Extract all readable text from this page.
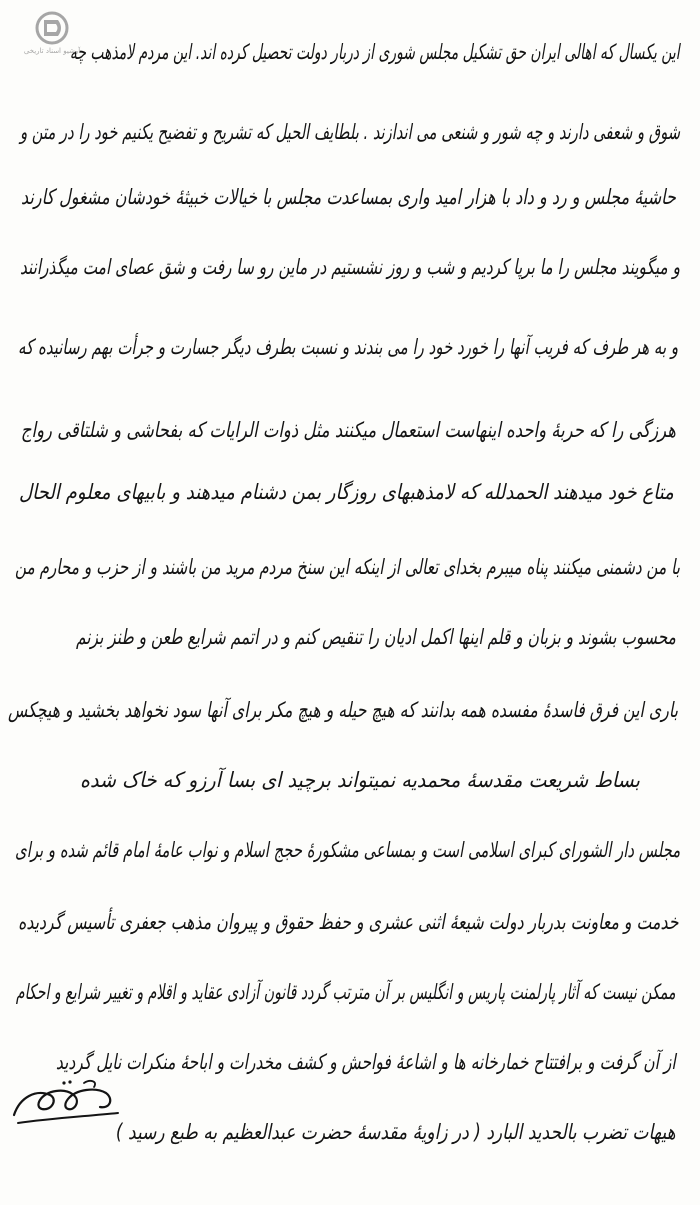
آرشیو اسناد تاریخی
این یکسال که اهالی ایران حق تشکیل مجلس شوری از دربار دولت تحصیل کرده اند. این مردم لامذهب چه
شوق و شعفی دارند و چه شور و شنعی می اندازند . بلطایف الحیل که تشریح و تفضیح یکنیم خود را در متن و
حاشیهٔ مجلس و رد و داد با هزار امید واری بمساعدت مجلس با خیالات خبیثهٔ خودشان مشغول کارند
و میگویند مجلس را ما برپا کردیم و شب و روز نشستیم در ماین رو سا رفت و شق عصای امت میگذرانند
و به هر طرف که فریب آنها را خورد خود را می بندند و نسبت بطرف دیگر جسارت و جرأت بهم رسانیده که
هرزگی را که حربهٔ واحده اینهاست استعمال میکنند مثل ذوات الرایات که بفحاشی و شلتاقی رواج
متاع خود میدهند الحمدلله که لامذهبهای روزگار بمن دشنام میدهند و بابیهای معلوم الحال
با من دشمنی میکنند پناه میبرم بخدای تعالی از اینکه این سنخ مردم مرید من باشند و از حزب و محارم من
محسوب بشوند و بزبان و قلم اینها اکمل ادیان را تنقیص کنم و در اتمم شرایع طعن و طنز بزنم
باری این فرق فاسدهٔ مفسده همه بدانند که هیچ حیله و هیچ مکر برای آنها سود نخواهد بخشید و هیچکس
بساط شریعت مقدسهٔ محمدیه نمیتواند برچید ای بسا آرزو که خاک شده
مجلس دار الشورای کبرای اسلامی است و بمساعی مشکورهٔ حجج اسلام و نواب عامهٔ امام قائم شده و برای
خدمت و معاونت بدربار دولت شیعهٔ اثنی عشری و حفظ حقوق و پیروان مذهب جعفری تأسیس گردیده
ممکن نیست که آثار پارلمنت پاریس و انگلیس بر آن مترتب گردد قانون آزادی عقاید و اقلام و تغییر شرایع و احکام
از آن گرفت و برافتتاح خمارخانه ها و اشاعهٔ فواحش و کشف مخدرات و اباحهٔ منکرات نایل گردید
هیهات تضرب بالحدید البارد ( در زاویهٔ مقدسهٔ حضرت عبدالعظیم به طبع رسید )
